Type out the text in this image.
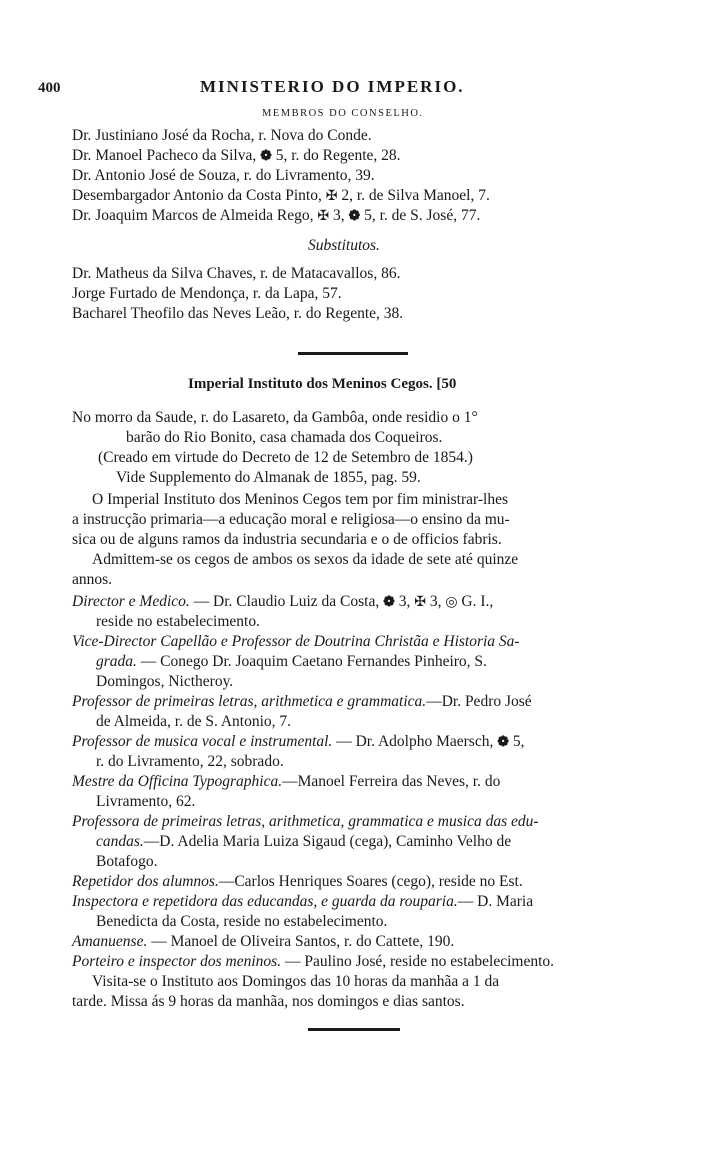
400	MINISTERIO DO IMPERIO.
MEMBROS DO CONSELHO.
Dr. Justiniano José da Rocha, r. Nova do Conde.
Dr. Manoel Pacheco da Silva, ❁ 5, r. do Regente, 28.
Dr. Antonio José de Souza, r. do Livramento, 39.
Desembargador Antonio da Costa Pinto, ✠ 2, r. de Silva Manoel, 7.
Dr. Joaquim Marcos de Almeida Rego, ✠ 3, ❁ 5, r. de S. José, 77.
Substitutos.
Dr. Matheus da Silva Chaves, r. de Matacavallos, 86.
Jorge Furtado de Mendonça, r. da Lapa, 57.
Bacharel Theofilo das Neves Leão, r. do Regente, 38.
Imperial Instituto dos Meninos Cegos. [50
No morro da Saude, r. do Lasareto, da Gambôa, onde residio o 1°
barão do Rio Bonito, casa chamada dos Coqueiros.
(Creado em virtude do Decreto de 12 de Setembro de 1854.)
Vide Supplemento do Almanak de 1855, pag. 59.
O Imperial Instituto dos Meninos Cegos tem por fim ministrar-lhes
a instrucção primaria—a educação moral e religiosa—o ensino da mu-
sica ou de alguns ramos da industria secundaria e o de officios fabris.
Admittem-se os cegos de ambos os sexos da idade de sete até quinze
annos.
Director e Medico. — Dr. Claudio Luiz da Costa, ❁ 3, ✠ 3, ◎ G. I.,
reside no estabelecimento.
Vice-Director Capellão e Professor de Doutrina Christãa e Historia Sa-
grada. — Conego Dr. Joaquim Caetano Fernandes Pinheiro, S.
Domingos, Nictheroy.
Professor de primeiras letras, arithmetica e grammatica.—Dr. Pedro José
de Almeida, r. de S. Antonio, 7.
Professor de musica vocal e instrumental. — Dr. Adolpho Maersch, ❁ 5,
r. do Livramento, 22, sobrado.
Mestre da Officina Typographica.—Manoel Ferreira das Neves, r. do
Livramento, 62.
Professora de primeiras letras, arithmetica, grammatica e musica das edu-
candas.—D. Adelia Maria Luiza Sigaud (cega), Caminho Velho de
Botafogo.
Repetidor dos alumnos.—Carlos Henriques Soares (cego), reside no Est.
Inspectora e repetidora das educandas, e guarda da rouparia.— D. Maria
Benedicta da Costa, reside no estabelecimento.
Amanuense. — Manoel de Oliveira Santos, r. do Cattete, 190.
Porteiro e inspector dos meninos. — Paulino José, reside no estabelecimento.
Visita-se o Instituto aos Domingos das 10 horas da manhãa a 1 da
tarde. Missa ás 9 horas da manhãa, nos domingos e dias santos.
